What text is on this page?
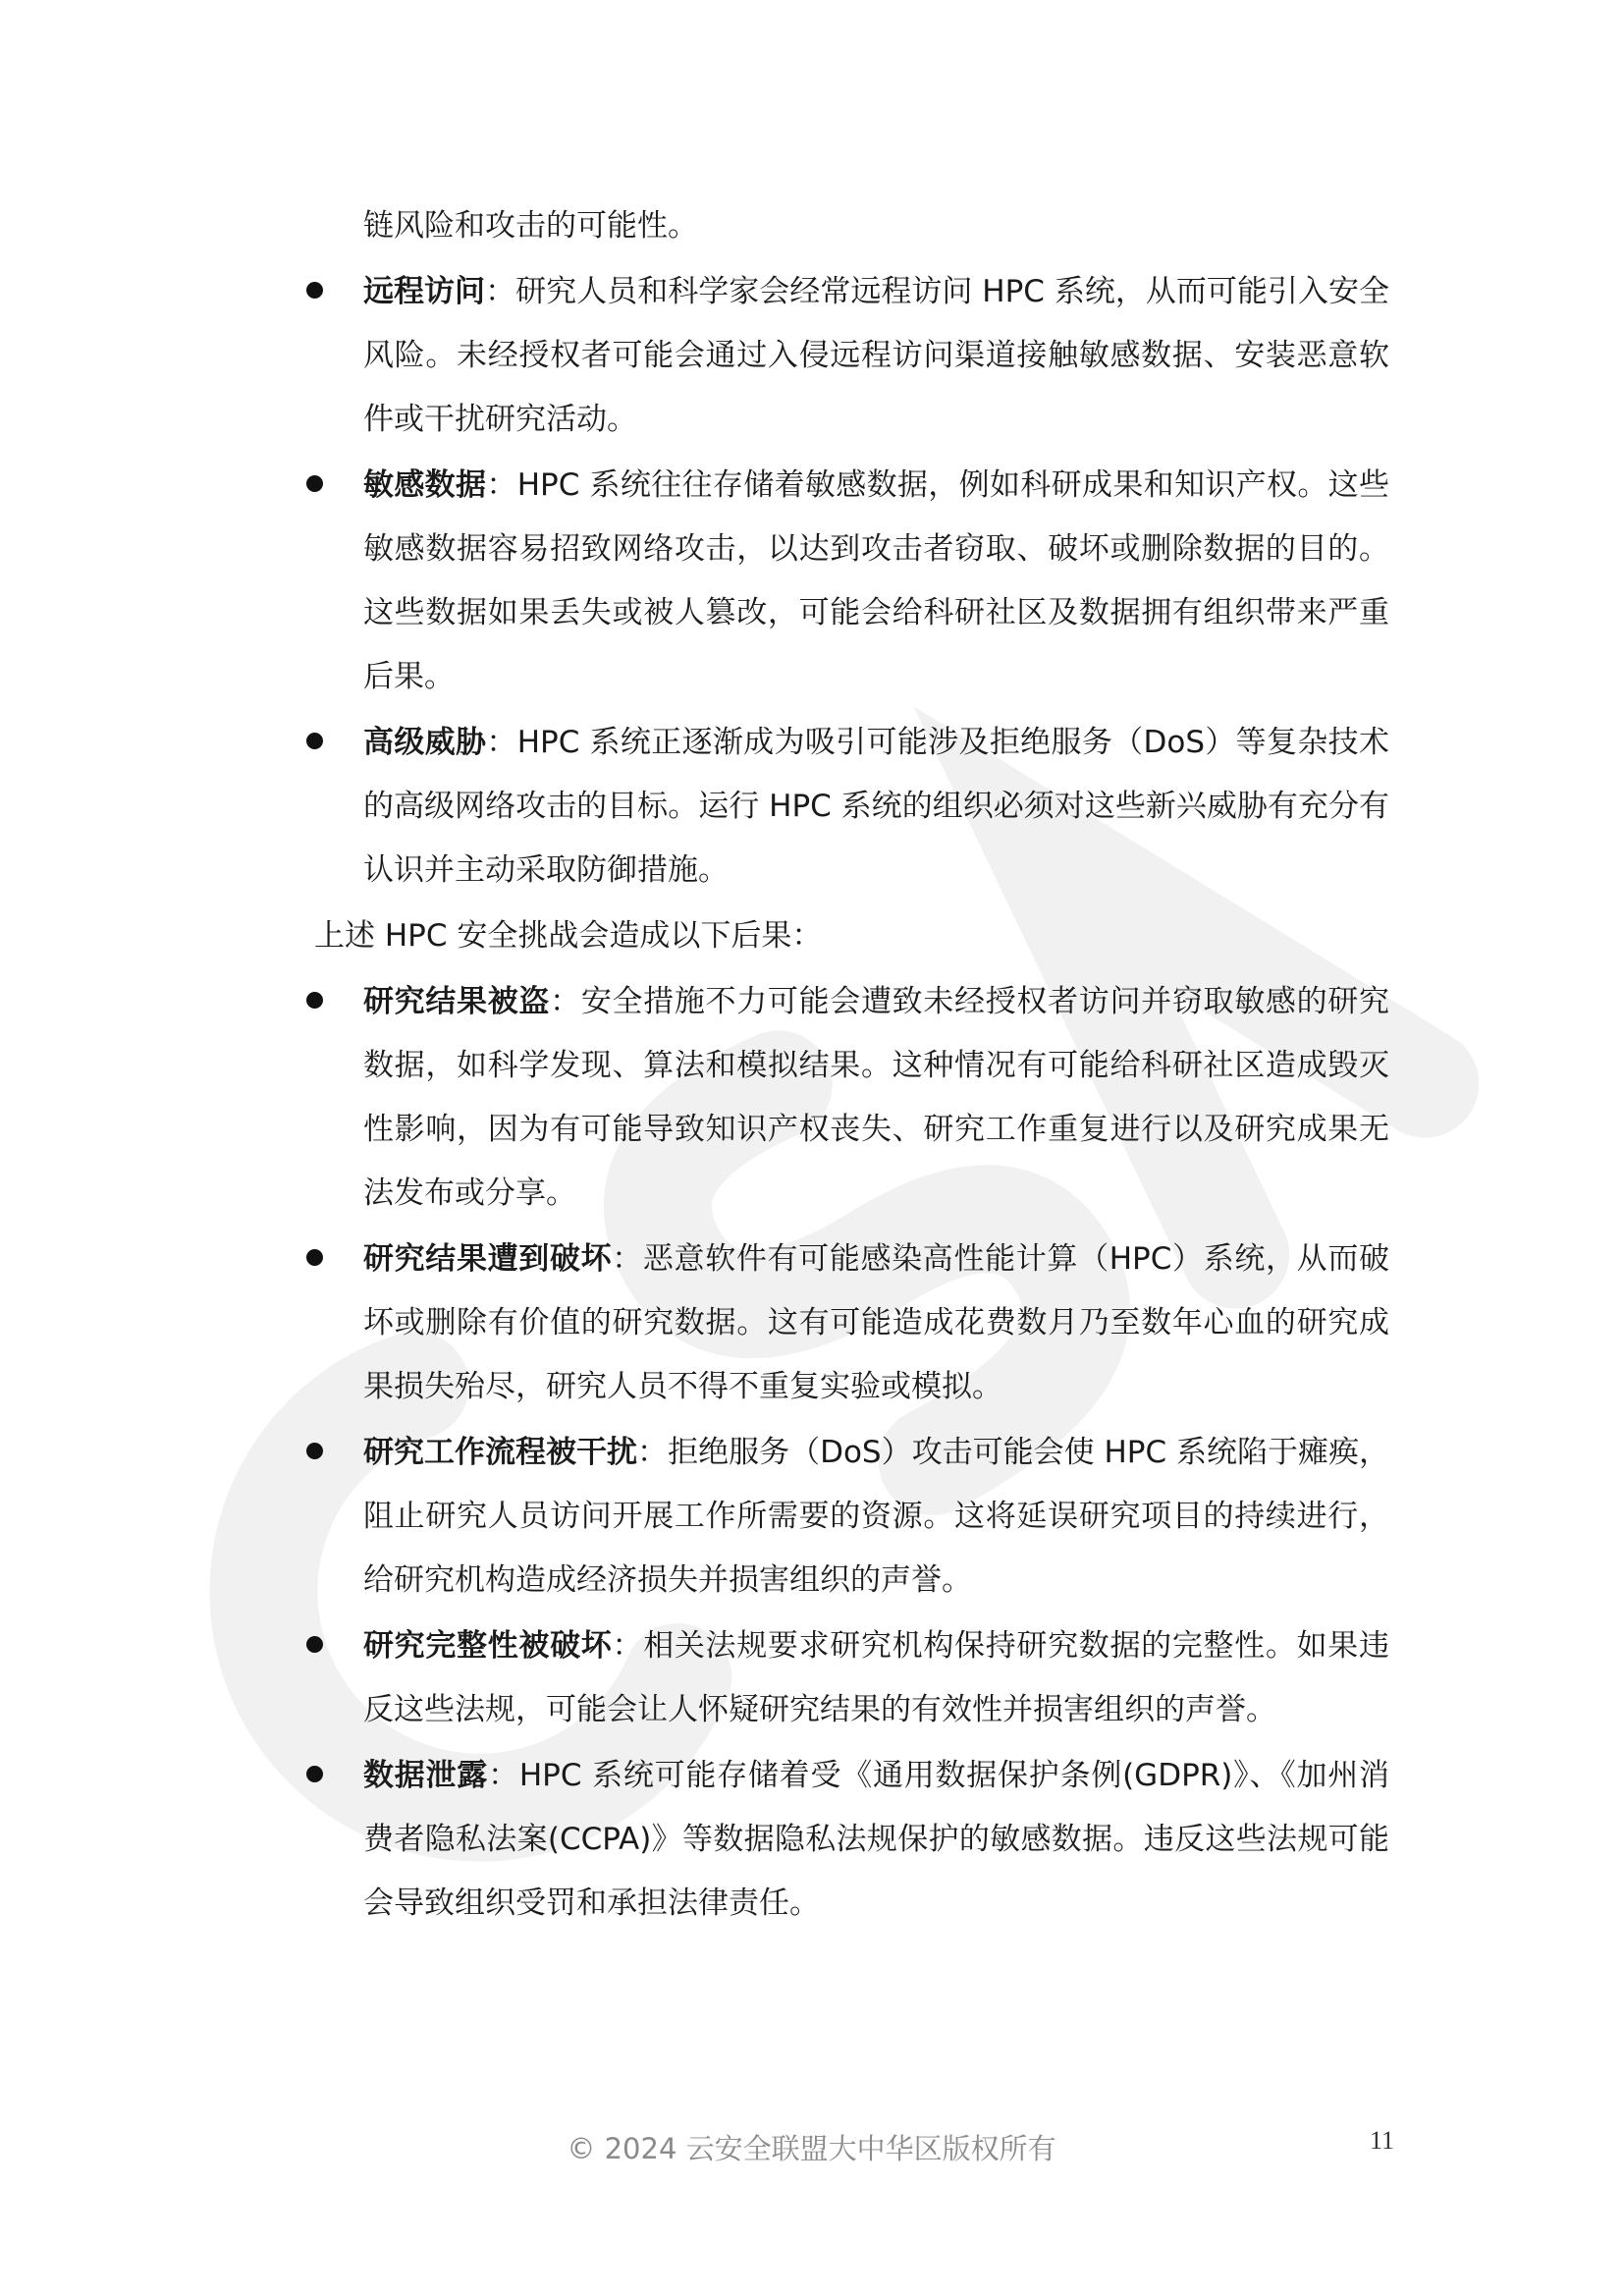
链风险和攻击的可能性。
远程访问：研究人员和科学家会经常远程访问 HPC 系统，从而可能引入安全风险。未经授权者可能会通过入侵远程访问渠道接触敏感数据、安装恶意软件或干扰研究活动。
敏感数据：HPC 系统往往存储着敏感数据，例如科研成果和知识产权。这些敏感数据容易招致网络攻击，以达到攻击者窃取、破坏或删除数据的目的。这些数据如果丢失或被人篡改，可能会给科研社区及数据拥有组织带来严重后果。
高级威胁：HPC 系统正逐渐成为吸引可能涉及拒绝服务（DoS）等复杂技术的高级网络攻击的目标。运行 HPC 系统的组织必须对这些新兴威胁有充分有认识并主动采取防御措施。
上述 HPC 安全挑战会造成以下后果：
研究结果被盗：安全措施不力可能会遭致未经授权者访问并窃取敏感的研究数据，如科学发现、算法和模拟结果。这种情况有可能给科研社区造成毁灭性影响，因为有可能导致知识产权丧失、研究工作重复进行以及研究成果无法发布或分享。
研究结果遭到破坏：恶意软件有可能感染高性能计算（HPC）系统，从而破坏或删除有价值的研究数据。这有可能造成花费数月乃至数年心血的研究成果损失殆尽，研究人员不得不重复实验或模拟。
研究工作流程被干扰：拒绝服务（DoS）攻击可能会使 HPC 系统陷于瘫痪，阻止研究人员访问开展工作所需要的资源。这将延误研究项目的持续进行，给研究机构造成经济损失并损害组织的声誉。
研究完整性被破坏：相关法规要求研究机构保持研究数据的完整性。如果违反这些法规，可能会让人怀疑研究结果的有效性并损害组织的声誉。
数据泄露：HPC 系统可能存储着受《通用数据保护条例(GDPR)》、《加州消费者隐私法案(CCPA)》等数据隐私法规保护的敏感数据。违反这些法规可能会导致组织受罚和承担法律责任。
© 2024 云安全联盟大中华区版权所有	11
